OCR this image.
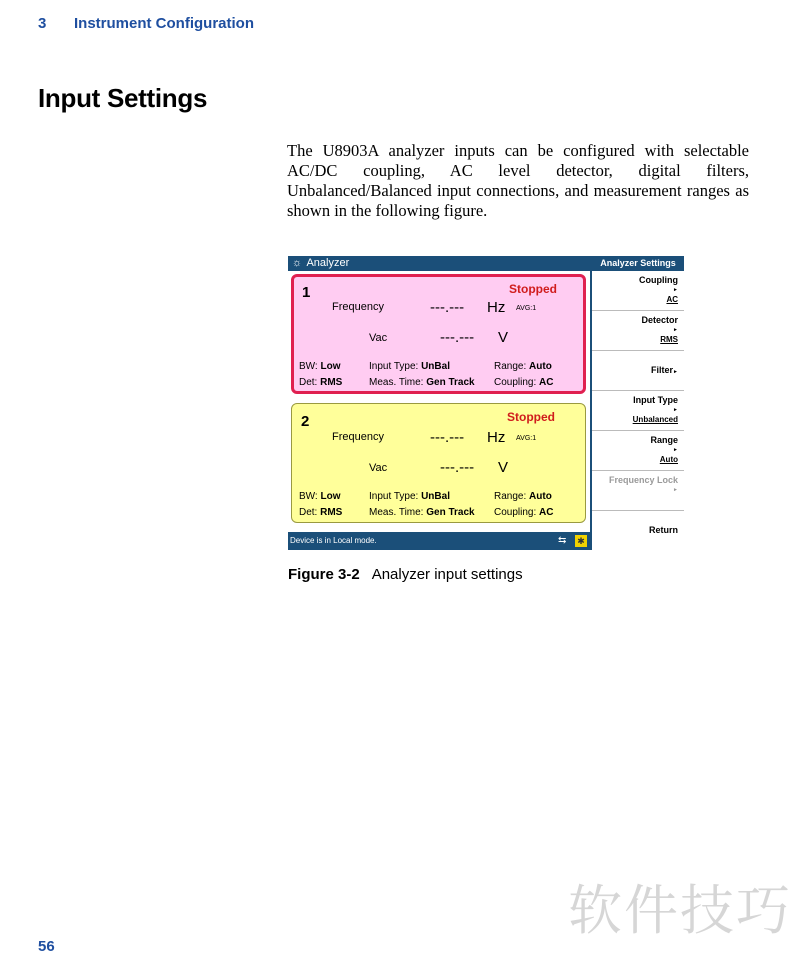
3 Instrument Configuration
Input Settings

The U8903A analyzer inputs can be configured with selectable AC/DC coupling, AC level detector, digital filters, Unbalanced/Balanced input connections, and measurement ranges as shown in the following figure.

☼ Analyzer
1	Stopped
Frequency	---.--- Hz AVG:1
Vac	---.--- V
BW: Low	Input Type: UnBal	Range: Auto
Det: RMS	Meas. Time: Gen Track Coupling: AC
2	Stopped
Frequency	---.--- Hz AVG:1
Vac	---.--- V
BW: Low	Input Type: UnBal	Range: Auto
Det: RMS	Meas. Time: Gen Track Coupling: AC
Device is in Local mode.	⇆ ✱
Analyzer Settings
Coupling
►
AC
Detector
►
RMS
Filter►
Input Type
►
Unbalanced
Range
►
Auto
Frequency Lock
►
Return
Figure 3-2 Analyzer input settings
56
软件技巧
